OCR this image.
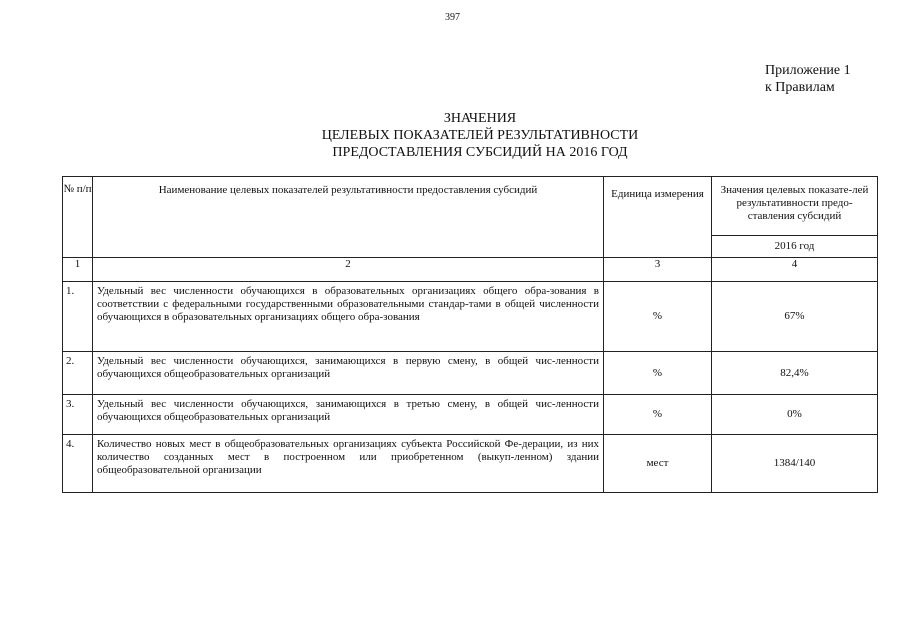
397
Приложение 1
к Правилам
ЗНАЧЕНИЯ
ЦЕЛЕВЫХ ПОКАЗАТЕЛЕЙ РЕЗУЛЬТАТИВНОСТИ
ПРЕДОСТАВЛЕНИЯ СУБСИДИЙ НА 2016 ГОД
№ п/п	Наименование целевых показателей результативности предоставления субсидий	Единица измерения	Значения целевых показате-лей результативности предо-ставления субсидий
			2016 год
1	2	3	4
1.	Удельный вес численности обучающихся в образовательных организациях общего обра-зования в соответствии с федеральными государственными образовательными стандар-тами в общей численности обучающихся в образовательных организациях общего обра-зования	%	67%
2.	Удельный вес численности обучающихся, занимающихся в первую смену, в общей чис-ленности обучающихся общеобразовательных организаций	%	82,4%
3.	Удельный вес численности обучающихся, занимающихся в третью смену, в общей чис-ленности обучающихся общеобразовательных организаций	%	0%
4.	Количество новых мест в общеобразовательных организациях субъекта Российской Фе-дерации, из них количество созданных мест в построенном или приобретенном (выкуп-ленном) здании общеобразовательной организации	мест	1384/140
